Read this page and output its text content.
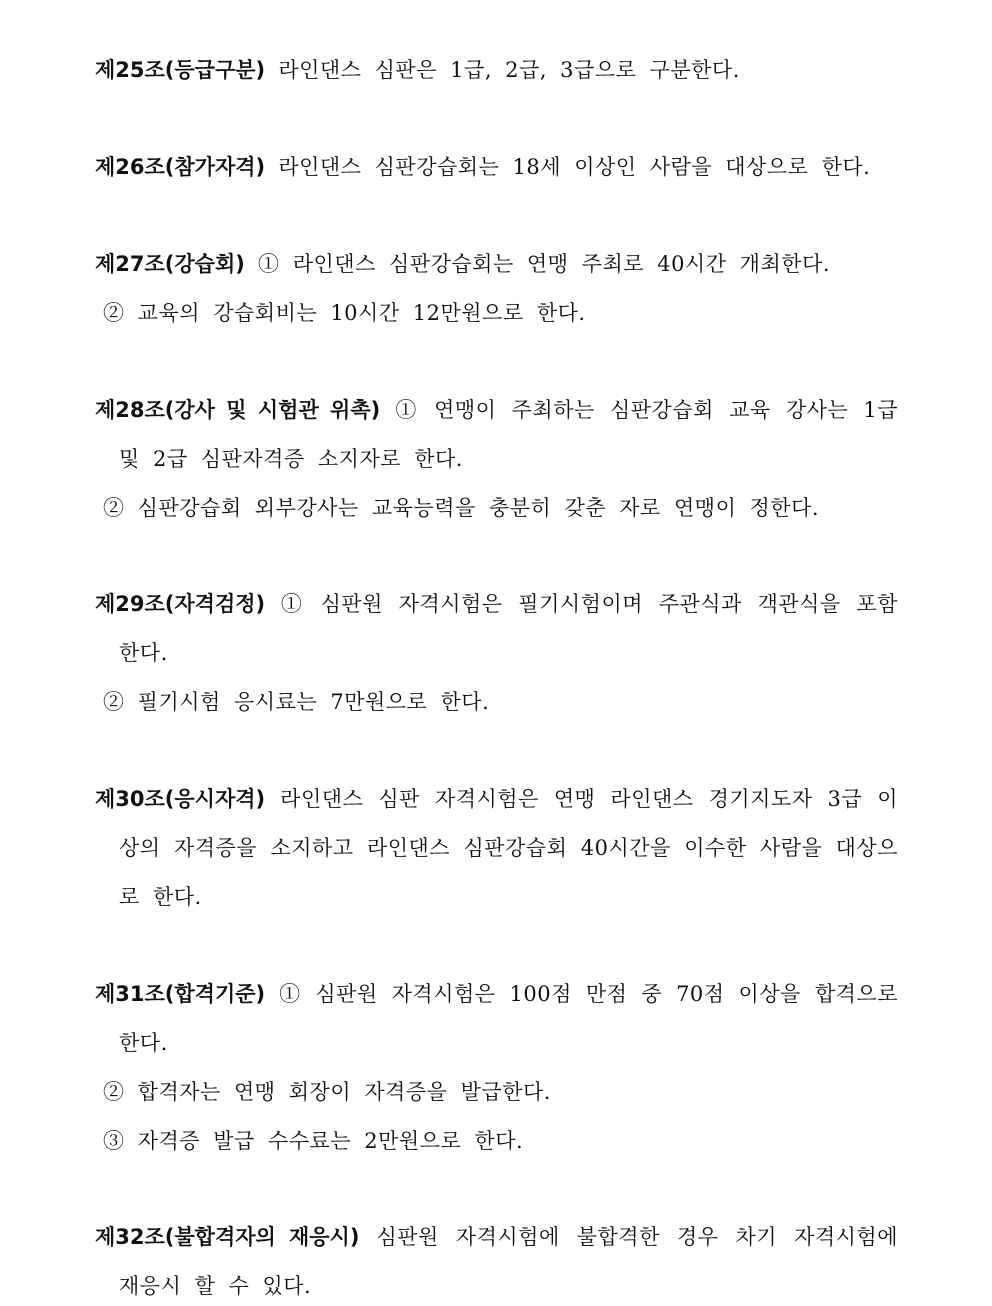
제25조(등급구분) 라인댄스 심판은 1급, 2급, 3급으로 구분한다.
제26조(참가자격) 라인댄스 심판강습회는 18세 이상인 사람을 대상으로 한다.
제27조(강습회) ① 라인댄스 심판강습회는 연맹 주최로 40시간 개최한다.
② 교육의 강습회비는 10시간 12만원으로 한다.
제28조(강사 및 시험관 위촉) ① 연맹이 주최하는 심판강습회 교육 강사는 1급
및 2급 심판자격증 소지자로 한다.
② 심판강습회 외부강사는 교육능력을 충분히 갖춘 자로 연맹이 정한다.
제29조(자격검정) ① 심판원 자격시험은 필기시험이며 주관식과 객관식을 포함
한다.
② 필기시험 응시료는 7만원으로 한다.
제30조(응시자격) 라인댄스 심판 자격시험은 연맹 라인댄스 경기지도자 3급 이
상의 자격증을 소지하고 라인댄스 심판강습회 40시간을 이수한 사람을 대상으
로 한다.
제31조(합격기준) ① 심판원 자격시험은 100점 만점 중 70점 이상을 합격으로
한다.
② 합격자는 연맹 회장이 자격증을 발급한다.
③ 자격증 발급 수수료는 2만원으로 한다.
제32조(불합격자의 재응시) 심판원 자격시험에 불합격한 경우 차기 자격시험에
재응시 할 수 있다.
